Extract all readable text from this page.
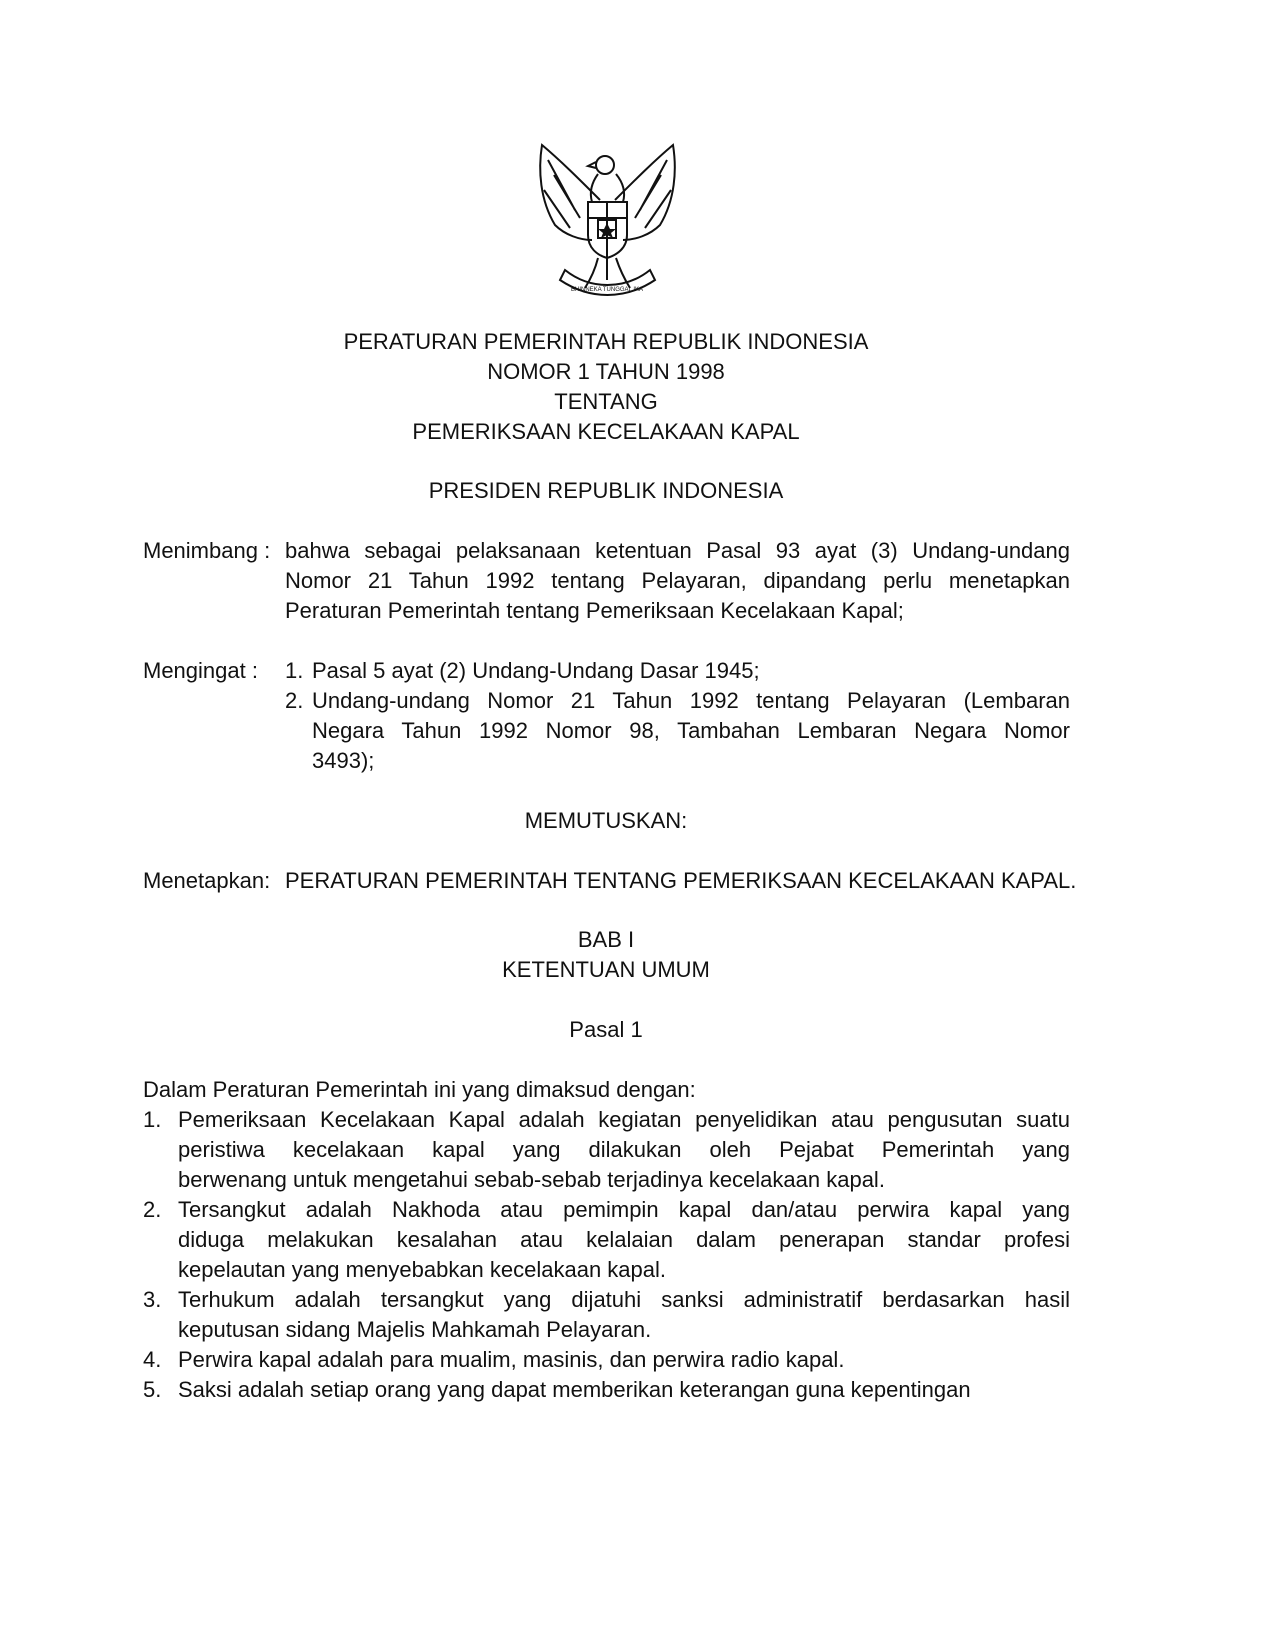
BHINNEKA TUNGGAL IKA
PERATURAN PEMERINTAH REPUBLIK INDONESIA
NOMOR 1 TAHUN 1998
TENTANG
PEMERIKSAAN KECELAKAAN KAPAL
PRESIDEN REPUBLIK INDONESIA
Menimbang : bahwa sebagai pelaksanaan ketentuan Pasal 93 ayat (3) Undang-undang
Nomor 21 Tahun 1992 tentang Pelayaran, dipandang perlu menetapkan
Peraturan Pemerintah tentang Pemeriksaan Kecelakaan Kapal;
Mengingat : 1. Pasal 5 ayat (2) Undang-Undang Dasar 1945;
2. Undang-undang Nomor 21 Tahun 1992 tentang Pelayaran (Lembaran
Negara Tahun 1992 Nomor 98, Tambahan Lembaran Negara Nomor
3493);
MEMUTUSKAN:
Menetapkan: PERATURAN PEMERINTAH TENTANG PEMERIKSAAN KECELAKAAN KAPAL.
BAB I
KETENTUAN UMUM
Pasal 1
Dalam Peraturan Pemerintah ini yang dimaksud dengan:
1. Pemeriksaan Kecelakaan Kapal adalah kegiatan penyelidikan atau pengusutan suatu
peristiwa kecelakaan kapal yang dilakukan oleh Pejabat Pemerintah yang
berwenang untuk mengetahui sebab-sebab terjadinya kecelakaan kapal.
2. Tersangkut adalah Nakhoda atau pemimpin kapal dan/atau perwira kapal yang
diduga melakukan kesalahan atau kelalaian dalam penerapan standar profesi
kepelautan yang menyebabkan kecelakaan kapal.
3. Terhukum adalah tersangkut yang dijatuhi sanksi administratif berdasarkan hasil
keputusan sidang Majelis Mahkamah Pelayaran.
4. Perwira kapal adalah para mualim, masinis, dan perwira radio kapal.
5. Saksi adalah setiap orang yang dapat memberikan keterangan guna kepentingan
